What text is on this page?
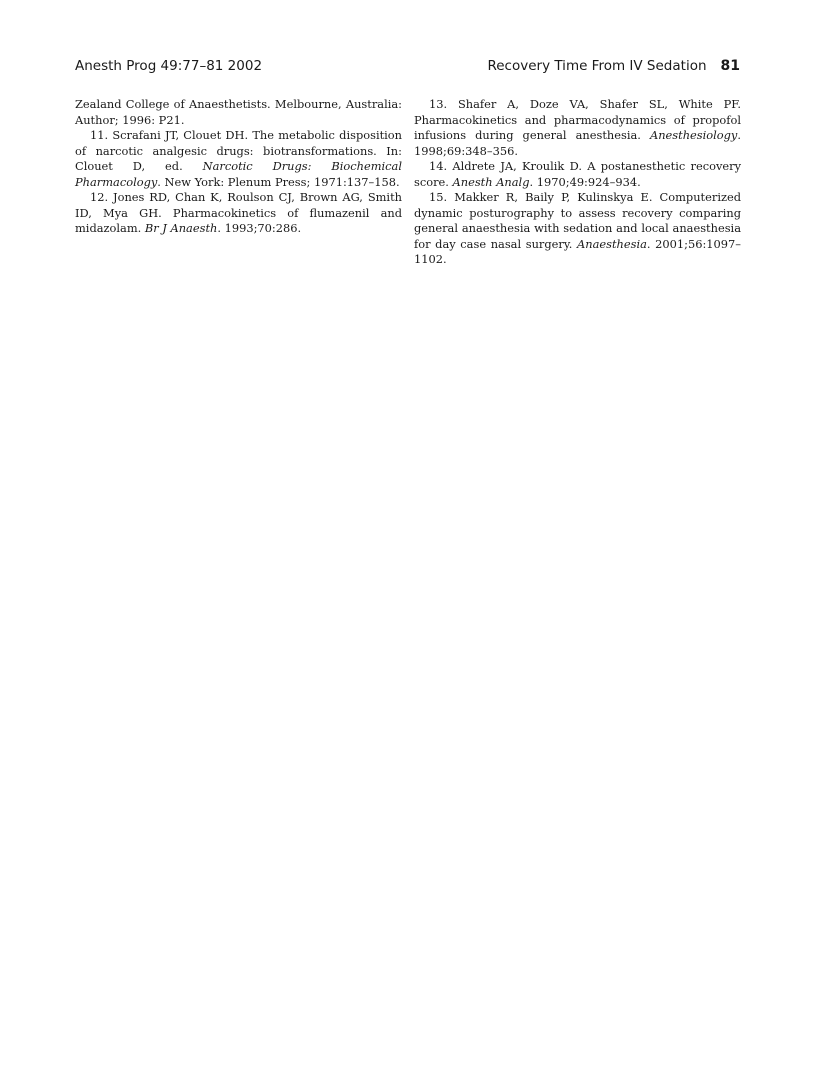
Anesth Prog 49:77–81 2002	Recovery Time From IV Sedation 81

Zealand College of Anaesthetists. Melbourne, Australia: Author; 1996: P21.

11. Scrafani JT, Clouet DH. The metabolic disposition of narcotic analgesic drugs: biotransformations. In: Clouet D, ed. Narcotic Drugs: Biochemical Pharmacology. New York: Plenum Press; 1971:137–158.

12. Jones RD, Chan K, Roulson CJ, Brown AG, Smith ID, Mya GH. Pharmacokinetics of flumazenil and midazolam. Br J Anaesth. 1993;70:286.

13. Shafer A, Doze VA, Shafer SL, White PF. Pharmacokinetics and pharmacodynamics of propofol infusions during general anesthesia. Anesthesiology. 1998;69:348–356.

14. Aldrete JA, Kroulik D. A postanesthetic recovery score. Anesth Analg. 1970;49:924–934.

15. Makker R, Baily P, Kulinskya E. Computerized dynamic posturography to assess recovery comparing general anaesthesia with sedation and local anaesthesia for day case nasal surgery. Anaesthesia. 2001;56:1097–1102.
